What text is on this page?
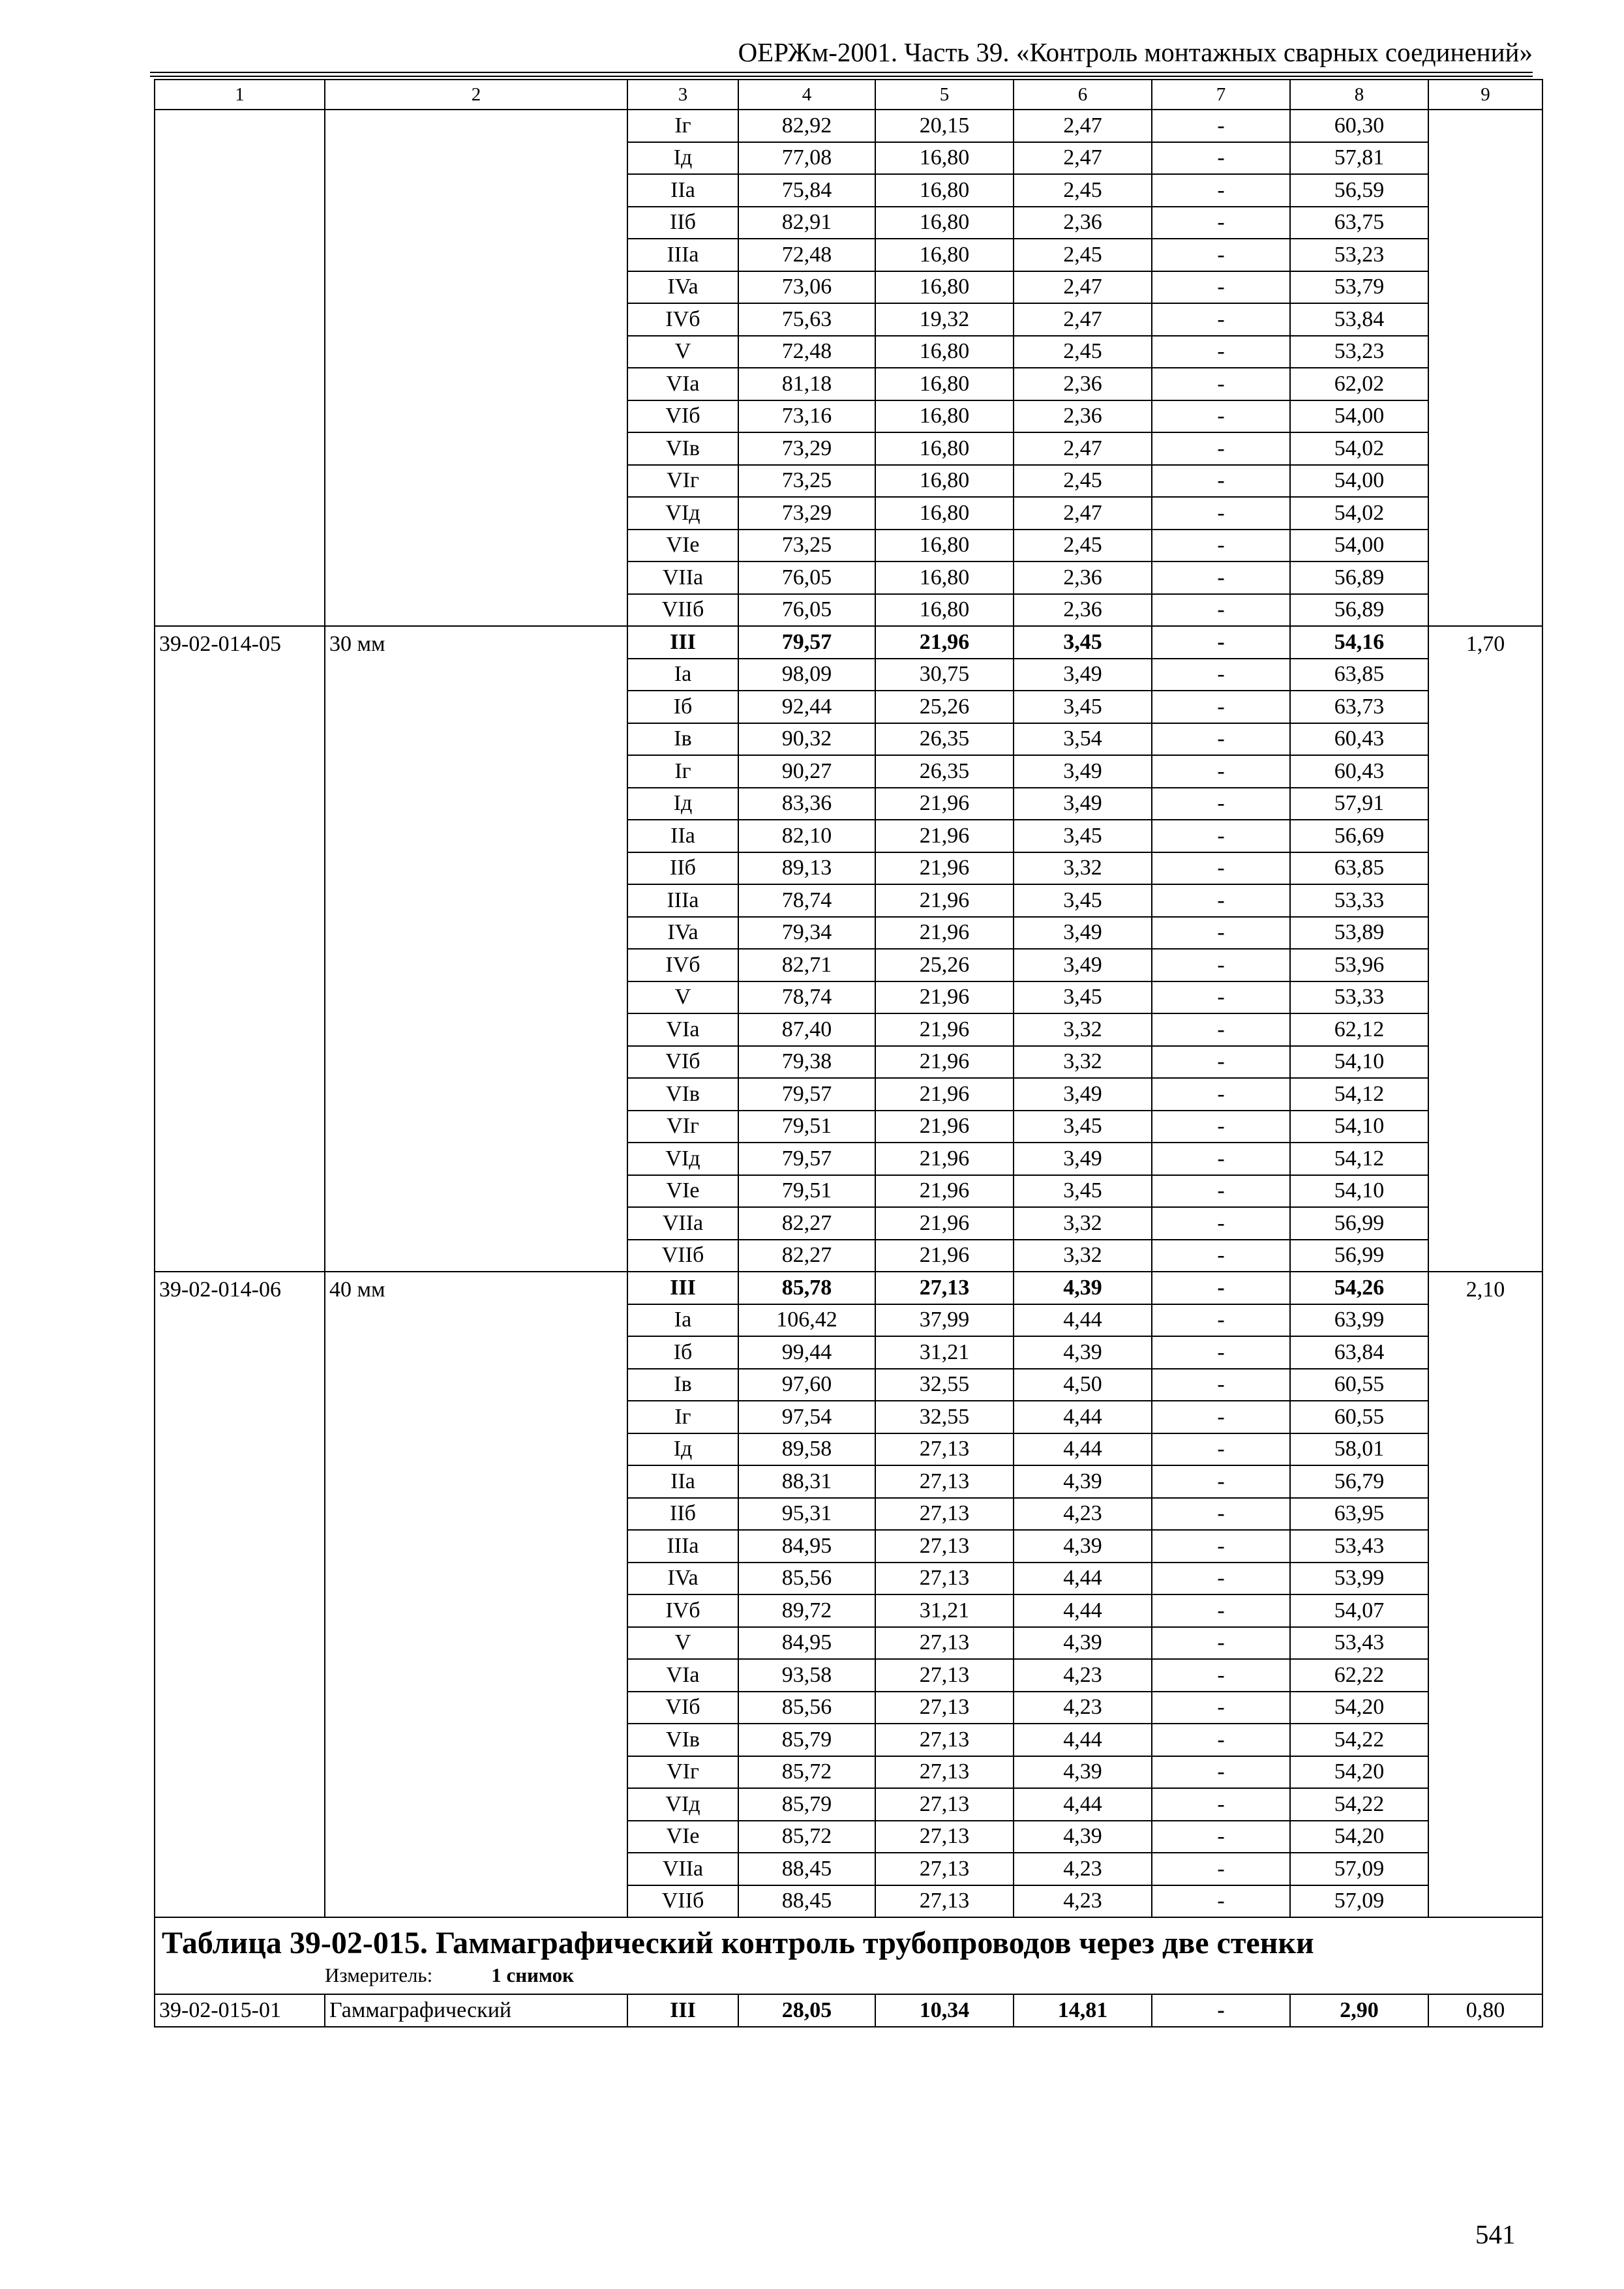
ОЕРЖм-2001. Часть 39. «Контроль монтажных сварных соединений»
1	2	3	4	5	6	7	8	9
		Iг	82,92	20,15	2,47	-	60,30	
		Iд	77,08	16,80	2,47	-	57,81	
		IIa	75,84	16,80	2,45	-	56,59	
		IIб	82,91	16,80	2,36	-	63,75	
		IIIa	72,48	16,80	2,45	-	53,23	
		IVa	73,06	16,80	2,47	-	53,79	
		IVб	75,63	19,32	2,47	-	53,84	
		V	72,48	16,80	2,45	-	53,23	
		VIa	81,18	16,80	2,36	-	62,02	
		VIб	73,16	16,80	2,36	-	54,00	
		VIв	73,29	16,80	2,47	-	54,02	
		VIг	73,25	16,80	2,45	-	54,00	
		VIд	73,29	16,80	2,47	-	54,02	
		VIe	73,25	16,80	2,45	-	54,00	
		VIIa	76,05	16,80	2,36	-	56,89	
		VIIб	76,05	16,80	2,36	-	56,89	
39-02-014-05	30 мм	III	79,57	21,96	3,45	-	54,16	1,70
		Ia	98,09	30,75	3,49	-	63,85	
		Iб	92,44	25,26	3,45	-	63,73	
		Iв	90,32	26,35	3,54	-	60,43	
		Iг	90,27	26,35	3,49	-	60,43	
		Iд	83,36	21,96	3,49	-	57,91	
		IIa	82,10	21,96	3,45	-	56,69	
		IIб	89,13	21,96	3,32	-	63,85	
		IIIa	78,74	21,96	3,45	-	53,33	
		IVa	79,34	21,96	3,49	-	53,89	
		IVб	82,71	25,26	3,49	-	53,96	
		V	78,74	21,96	3,45	-	53,33	
		VIa	87,40	21,96	3,32	-	62,12	
		VIб	79,38	21,96	3,32	-	54,10	
		VIв	79,57	21,96	3,49	-	54,12	
		VIг	79,51	21,96	3,45	-	54,10	
		VIд	79,57	21,96	3,49	-	54,12	
		VIe	79,51	21,96	3,45	-	54,10	
		VIIa	82,27	21,96	3,32	-	56,99	
		VIIб	82,27	21,96	3,32	-	56,99	
39-02-014-06	40 мм	III	85,78	27,13	4,39	-	54,26	2,10
		Ia	106,42	37,99	4,44	-	63,99	
		Iб	99,44	31,21	4,39	-	63,84	
		Iв	97,60	32,55	4,50	-	60,55	
		Iг	97,54	32,55	4,44	-	60,55	
		Iд	89,58	27,13	4,44	-	58,01	
		IIa	88,31	27,13	4,39	-	56,79	
		IIб	95,31	27,13	4,23	-	63,95	
		IIIa	84,95	27,13	4,39	-	53,43	
		IVa	85,56	27,13	4,44	-	53,99	
		IVб	89,72	31,21	4,44	-	54,07	
		V	84,95	27,13	4,39	-	53,43	
		VIa	93,58	27,13	4,23	-	62,22	
		VIб	85,56	27,13	4,23	-	54,20	
		VIв	85,79	27,13	4,44	-	54,22	
		VIг	85,72	27,13	4,39	-	54,20	
		VIд	85,79	27,13	4,44	-	54,22	
		VIe	85,72	27,13	4,39	-	54,20	
		VIIa	88,45	27,13	4,23	-	57,09	
		VIIб	88,45	27,13	4,23	-	57,09	

Таблица 39-02-015. Гаммаграфический контроль трубопроводов через две стенки
Измеритель: 1 снимок								

39-02-015-01	Гаммаграфический	III	28,05	10,34	14,81	-	2,90	0,80
541
